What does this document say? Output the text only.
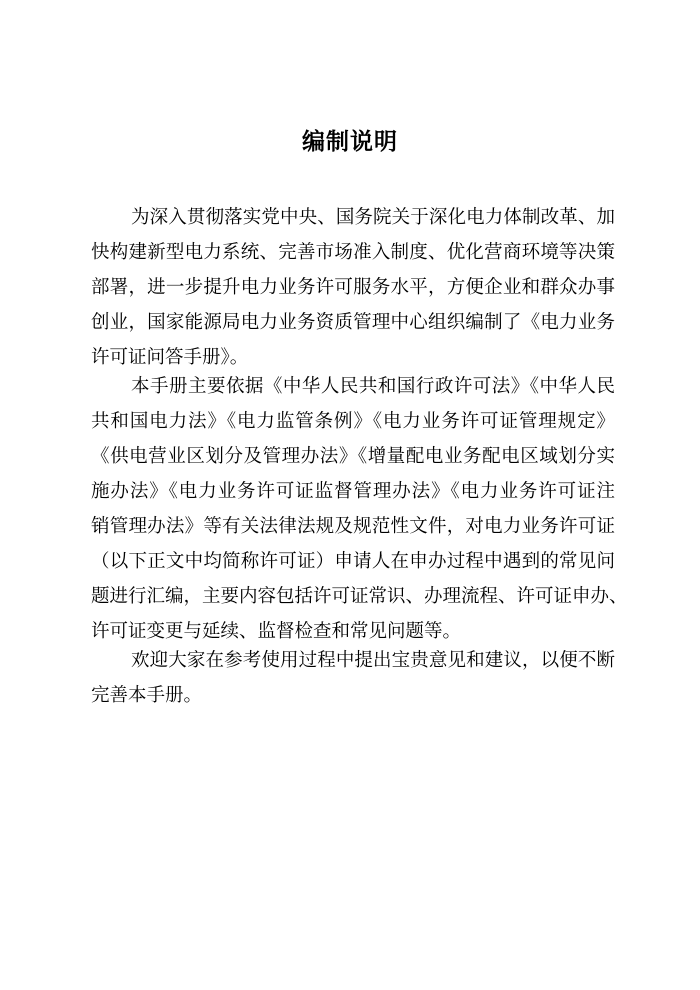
编制说明
为深入贯彻落实党中央、国务院关于深化电力体制改革、加
快构建新型电力系统、完善市场准入制度、优化营商环境等决策
部署，进一步提升电力业务许可服务水平，方便企业和群众办事
创业，国家能源局电力业务资质管理中心组织编制了《电力业务
许可证问答手册》。
本手册主要依据《中华人民共和国行政许可法》《中华人民
共和国电力法》《电力监管条例》《电力业务许可证管理规定》
《供电营业区划分及管理办法》《增量配电业务配电区域划分实
施办法》《电力业务许可证监督管理办法》《电力业务许可证注
销管理办法》等有关法律法规及规范性文件，对电力业务许可证
（以下正文中均简称许可证）申请人在申办过程中遇到的常见问
题进行汇编，主要内容包括许可证常识、办理流程、许可证申办、
许可证变更与延续、监督检查和常见问题等。
欢迎大家在参考使用过程中提出宝贵意见和建议，以便不断
完善本手册。
